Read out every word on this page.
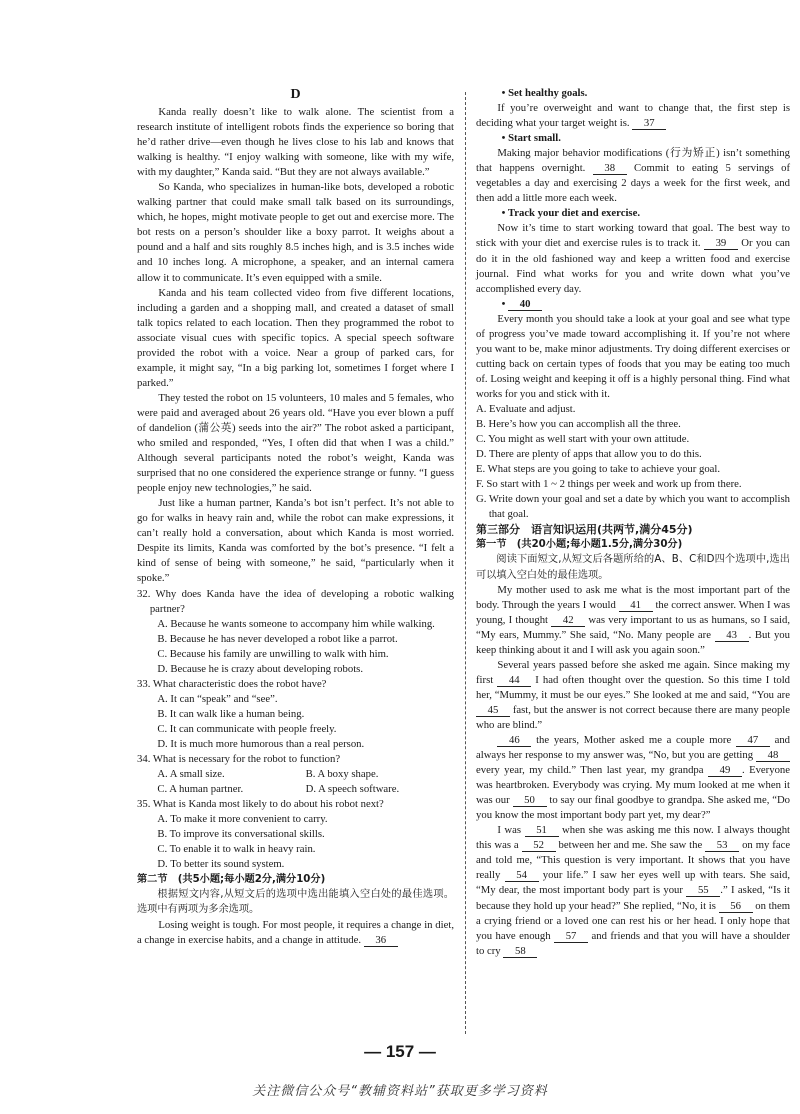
D

Kanda really doesn’t like to walk alone. The scientist from a research institute of intelligent robots finds the experience so boring that he’d rather drive—even though he lives close to his lab and knows that walking is healthy. “I enjoy walking with someone, like with my wife, with my daughter,” Kanda said. “But they are not always available.”

So Kanda, who specializes in human-like bots, developed a robotic walking partner that could make small talk based on its surroundings, which, he hopes, might motivate people to get out and exercise more. The bot rests on a person’s shoulder like a boxy parrot. It weighs about a pound and a half and sits roughly 8.5 inches high, and is 3.5 inches wide and 10 inches long. A microphone, a speaker, and an internal camera allow it to communicate. It’s even equipped with a smile.

Kanda and his team collected video from five different locations, including a garden and a shopping mall, and created a dataset of small talk topics related to each location. Then they programmed the robot to associate visual cues with specific topics. A special speech software provided the robot with a voice. Near a group of parked cars, for example, it might say, “In a big parking lot, sometimes I forget where I parked.”

They tested the robot on 15 volunteers, 10 males and 5 females, who were paid and averaged about 26 years old. “Have you ever blown a puff of dandelion (蒲公英) seeds into the air?” The robot asked a participant, who smiled and responded, “Yes, I often did that when I was a child.” Although several participants noted the robot’s weight, Kanda was surprised that no one considered the experience strange or funny. “I guess people enjoy new technologies,” he said.

Just like a human partner, Kanda’s bot isn’t perfect. It’s not able to go for walks in heavy rain and, while the robot can make expressions, it can’t really hold a conversation, about which Kanda is most worried. Despite its limits, Kanda was comforted by the bot’s presence. “I felt a kind of sense of being with someone,” he said, “particularly when it spoke.”

32. Why does Kanda have the idea of developing a robotic walking partner?

A. Because he wants someone to accompany him while walking.

B. Because he has never developed a robot like a parrot.

C. Because his family are unwilling to walk with him.

D. Because he is crazy about developing robots.

33. What characteristic does the robot have?

A. It can “speak” and “see”.

B. It can walk like a human being.

C. It can communicate with people freely.

D. It is much more humorous than a real person.

34. What is necessary for the robot to function?

A. A small size.	B. A boxy shape.
C. A human partner.	D. A speech software.

35. What is Kanda most likely to do about his robot next?

A. To make it more convenient to carry.

B. To improve its conversational skills.

C. To enable it to walk in heavy rain.

D. To better its sound system.

第二节　(共5小题;每小题2分,满分10分)

根据短文内容,从短文后的选项中选出能填入空白处的最佳选项。选项中有两项为多余选项。

Losing weight is tough. For most people, it requires a change in diet, a change in exercise habits, and a change in attitude. 36

• Set healthy goals.

If you’re overweight and want to change that, the first step is deciding what your target weight is. 37

• Start small.

Making major behavior modifications (行为矫正) isn’t something that happens overnight. 38 Commit to eating 5 servings of vegetables a day and exercising 2 days a week for the first week, and then add a little more each week.

• Track your diet and exercise.

Now it’s time to start working toward that goal. The best way to stick with your diet and exercise rules is to track it. 39 Or you can do it in the old fashioned way and keep a written food and exercise journal. Find what works for you and write down what you’ve accomplished every day.

• 40

Every month you should take a look at your goal and see what type of progress you’ve made toward accomplishing it. If you’re not where you want to be, make minor adjustments. Try doing different exercises or cutting back on certain types of foods that you may be eating too much of. Losing weight and keeping it off is a highly personal thing. Find what works for you and stick with it.

A. Evaluate and adjust.

B. Here’s how you can accomplish all the three.

C. You might as well start with your own attitude.

D. There are plenty of apps that allow you to do this.

E. What steps are you going to take to achieve your goal.

F. So start with 1 ~ 2 things per week and work up from there.

G. Write down your goal and set a date by which you want to accomplish that goal.

第三部分　语言知识运用(共两节,满分45分)

第一节　(共20小题;每小题1.5分,满分30分)

阅读下面短文,从短文后各题所给的A、B、C和D四个选项中,选出可以填入空白处的最佳选项。

My mother used to ask me what is the most important part of the body. Through the years I would 41 the correct answer. When I was young, I thought 42 was very important to us as humans, so I said, “My ears, Mummy.” She said, “No. Many people are 43 . But you keep thinking about it and I will ask you again soon.”

Several years passed before she asked me again. Since making my first 44 I had often thought over the question. So this time I told her, “Mummy, it must be our eyes.” She looked at me and said, “You are 45 fast, but the answer is not correct because there are many people who are blind.”

46 the years, Mother asked me a couple more 47 and always her response to my answer was, “No, but you are getting 48 every year, my child.” Then last year, my grandpa 49 . Everyone was heartbroken. Everybody was crying. My mum looked at me when it was our 50 to say our final goodbye to grandpa. She asked me, “Do you know the most important body part yet, my dear?”

I was 51 when she was asking me this now. I always thought this was a 52 between her and me. She saw the 53 on my face and told me, “This question is very important. It shows that you have really 54 your life.” I saw her eyes well up with tears. She said, “My dear, the most important body part is your 55 .” I asked, “Is it because they hold up your head?” She replied, “No, it is 56 on them a crying friend or a loved one can rest his or her head. I only hope that you have enough 57 and friends and that you will have a shoulder to cry 58

— 157 —
关注微信公众号“教辅资料站”获取更多学习资料
